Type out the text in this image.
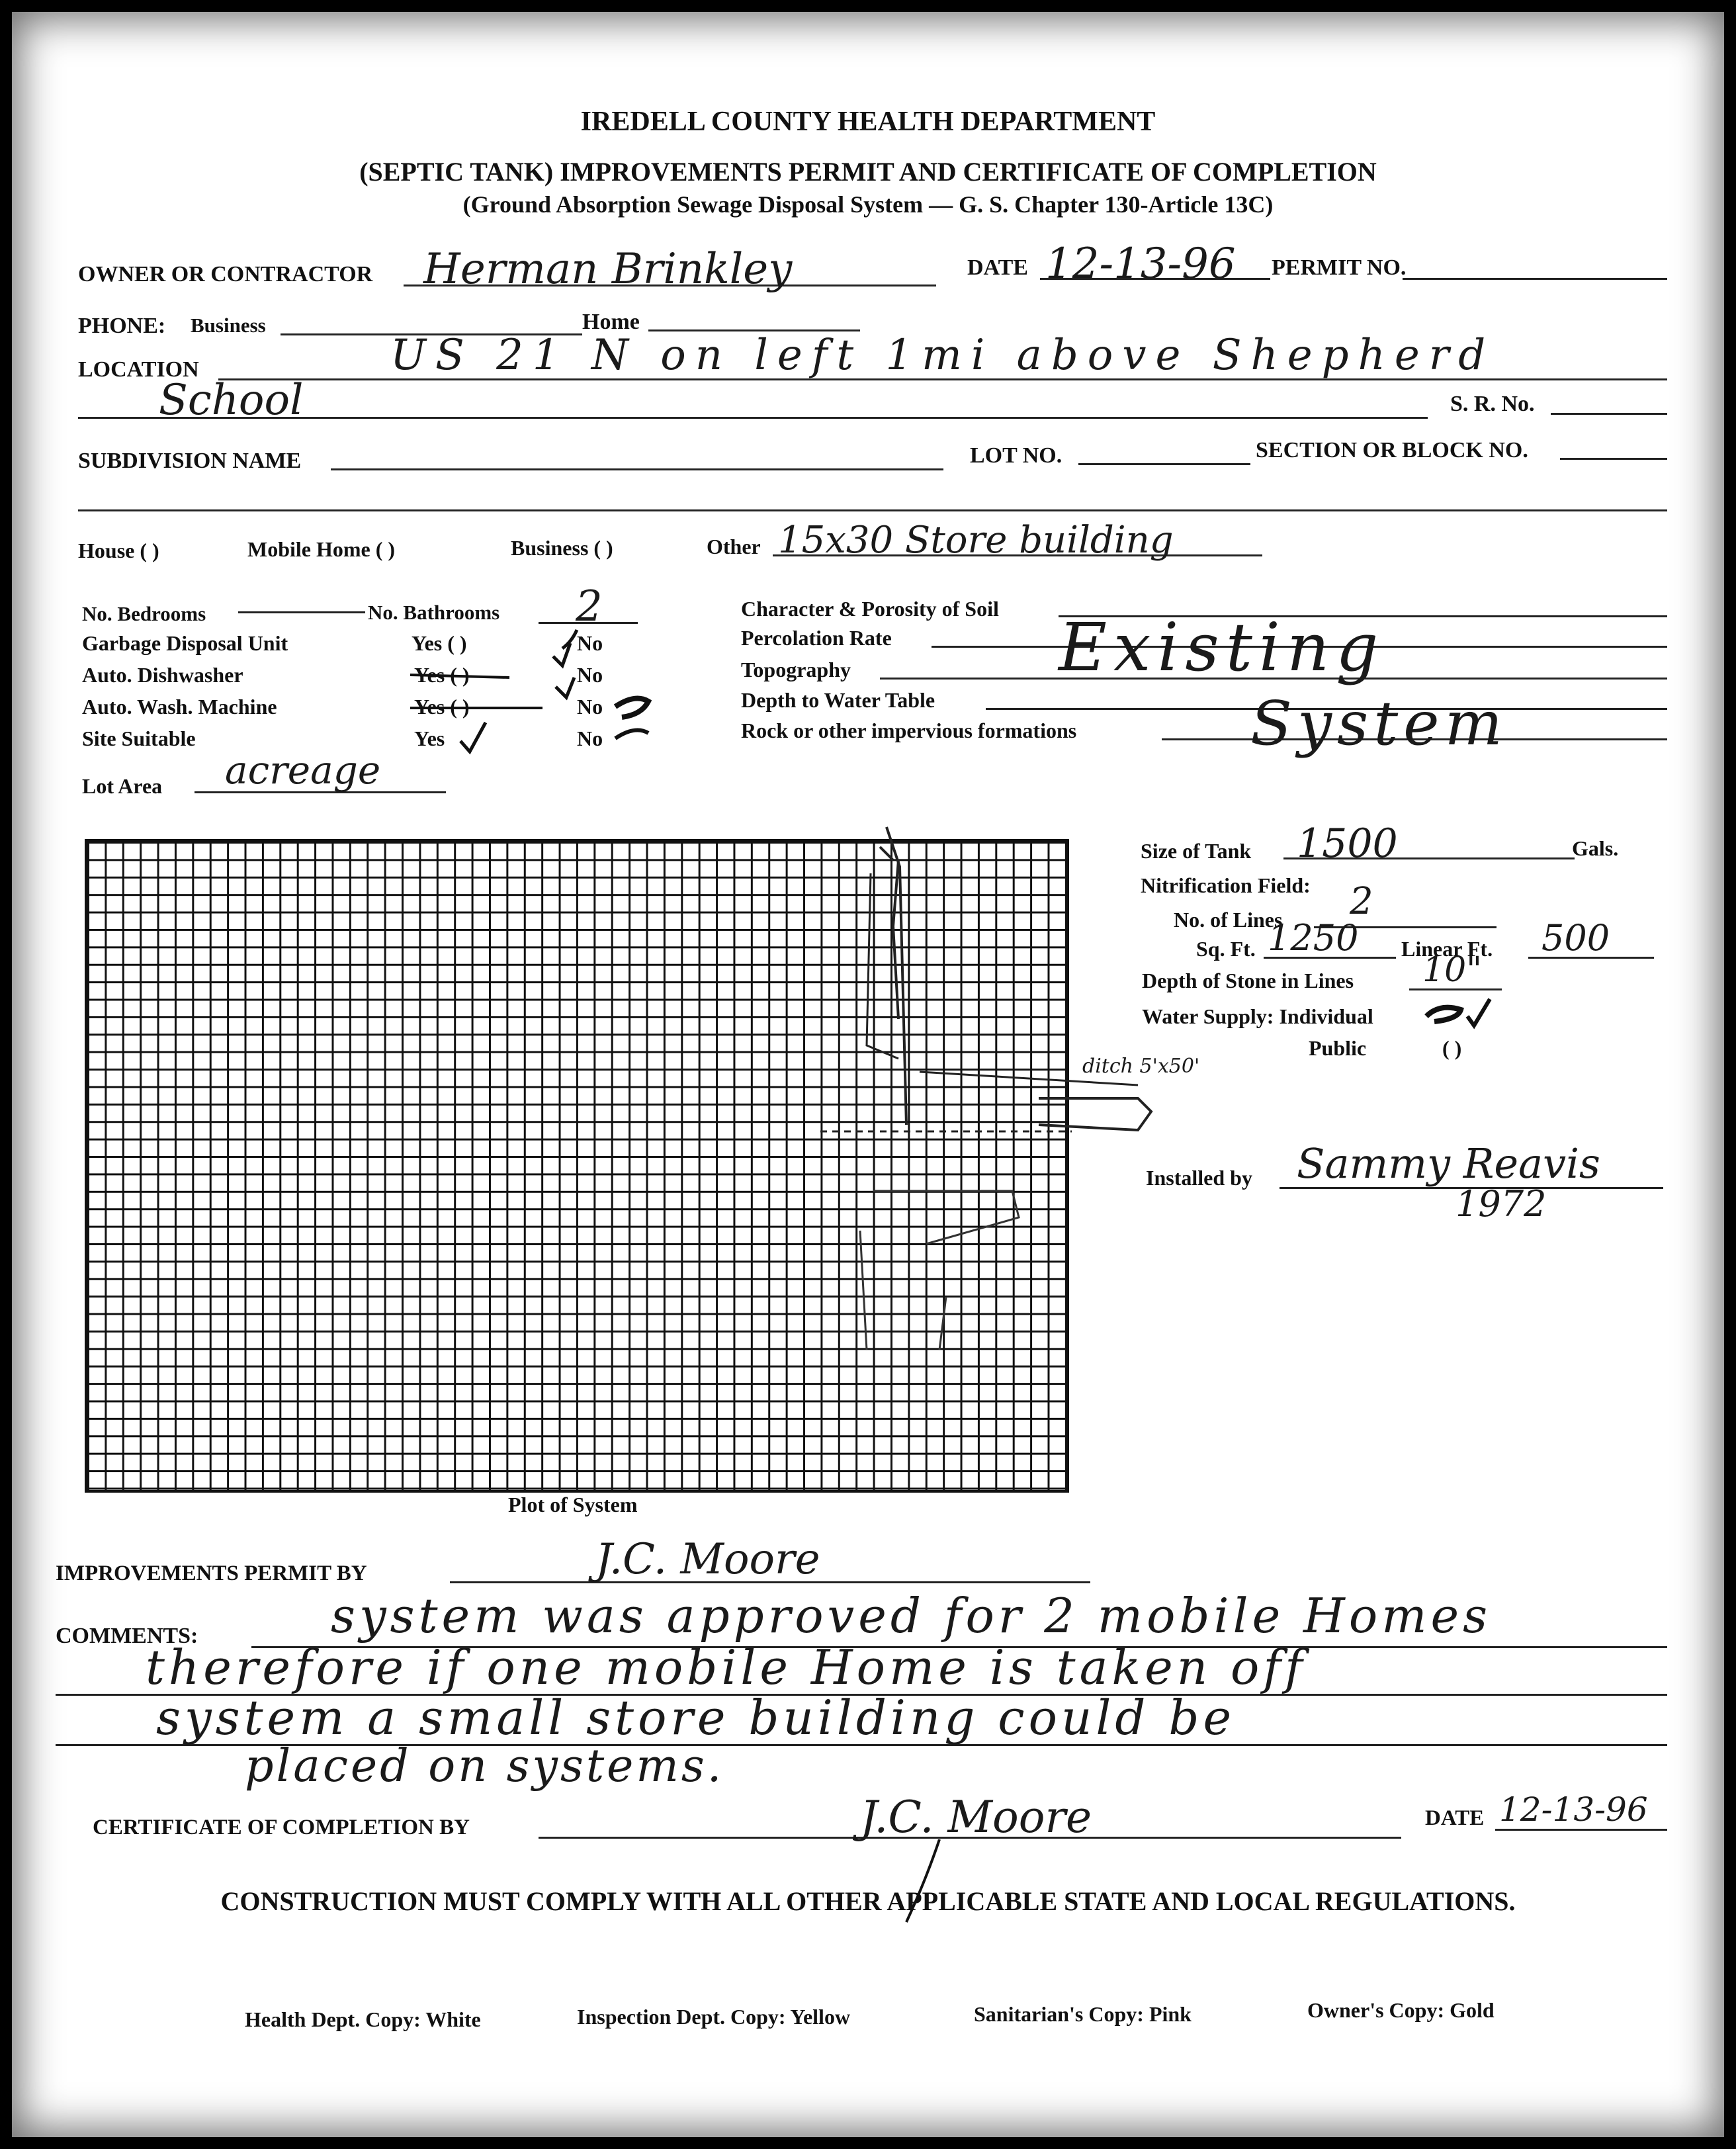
IREDELL COUNTY HEALTH DEPARTMENT
(SEPTIC TANK) IMPROVEMENTS PERMIT AND CERTIFICATE OF COMPLETION
(Ground Absorption Sewage Disposal System — G. S. Chapter 130-Article 13C)
OWNER OR CONTRACTOR Herman Brinkley	DATE 12-13-96 PERMIT NO.
PHONE: Business	Home
LOCATION	US 21 N on left 1mi above Shepherd
School	S. R. No.
SUBDIVISION NAME	LOT NO.	SECTION OR BLOCK NO.
House ( )	Mobile Home ( )	Business ( )	Other 15x30 Store building
No. Bedrooms	No. Bathrooms 2
Garbage Disposal Unit	Yes ( )	No
Auto. Dishwasher	Yes ( )	No
Auto. Wash. Machine	Yes ( )	No
Site Suitable	Yes	No
Character & Porosity of Soil
Percolation Rate
Topography
Depth to Water Table
Rock or other impervious formations
Existing
System
Lot Area acreage
ditch 5'x50'
Plot of System
Size of Tank 1500	Gals.
Nitrification Field:
No. of Lines 2
Sq. Ft. 1250 Linear Ft. 500
Depth of Stone in Lines 10"
Water Supply: Individual
Public	( )
Installed by Sammy Reavis
1972
IMPROVEMENTS PERMIT BY	J.C. Moore
COMMENTS:	system was approved for 2 mobile Homes
therefore if one mobile Home is taken off
system a small store building could be
placed on systems.
CERTIFICATE OF COMPLETION BY	J.C. Moore	DATE 12-13-96
CONSTRUCTION MUST COMPLY WITH ALL OTHER APPLICABLE STATE AND LOCAL REGULATIONS.
Health Dept. Copy: White	Inspection Dept. Copy: Yellow	Sanitarian's Copy: Pink	Owner's Copy: Gold
